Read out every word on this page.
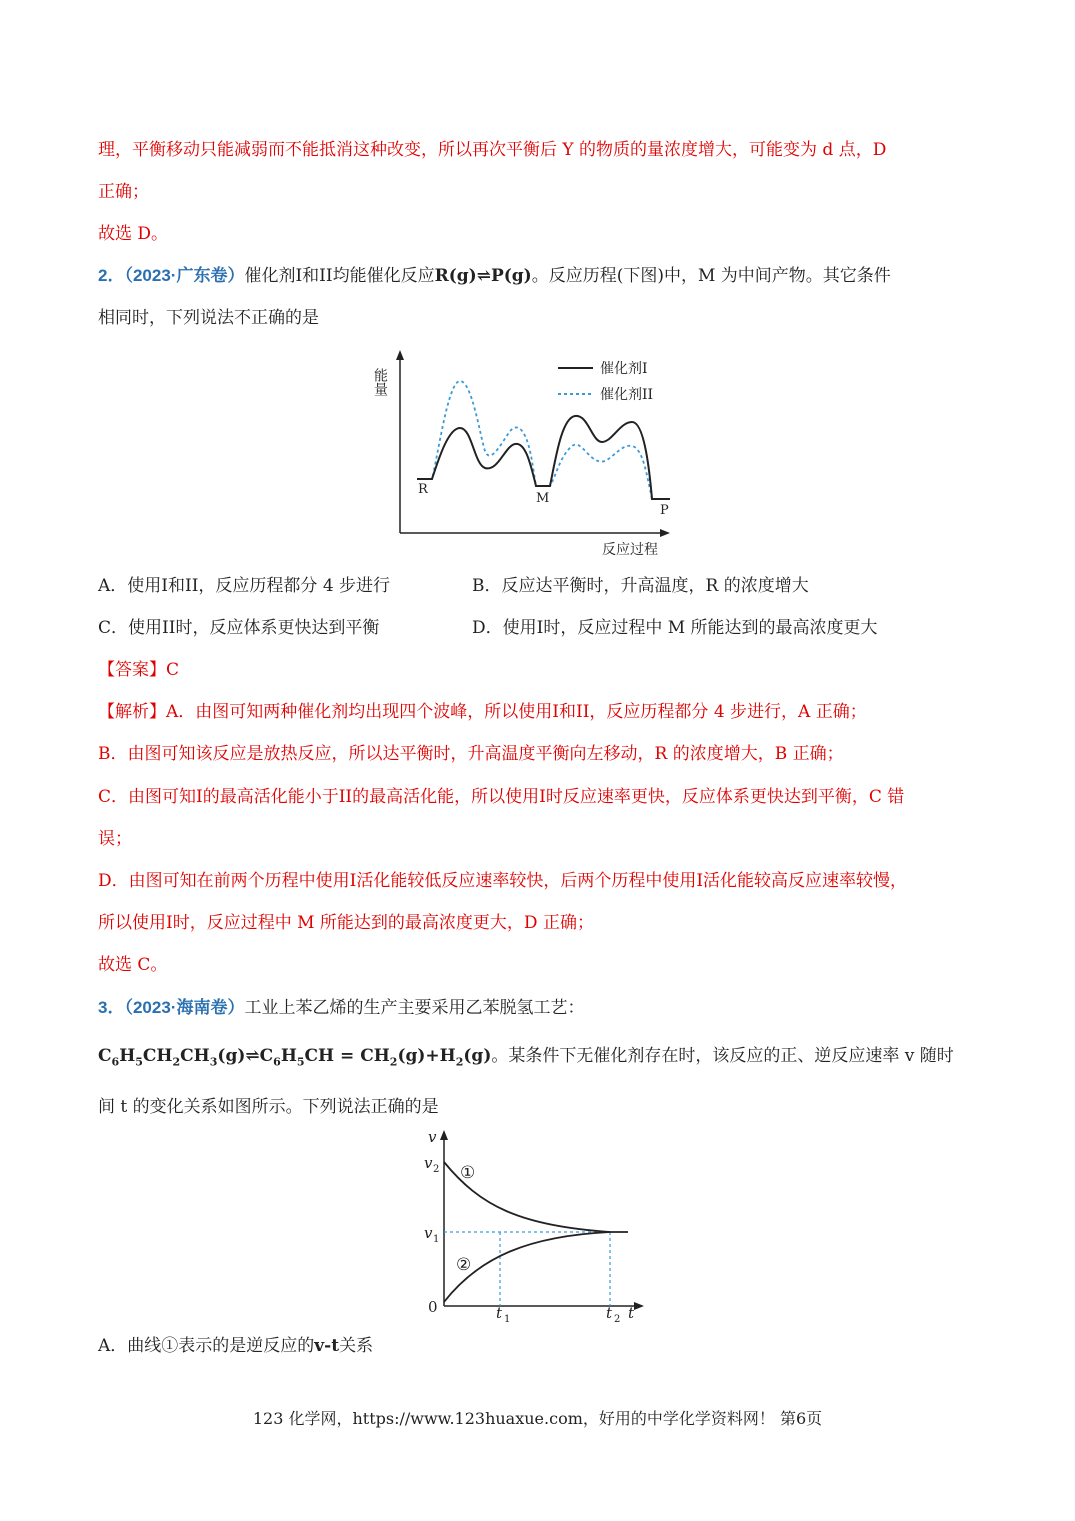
理，平衡移动只能减弱而不能抵消这种改变，所以再次平衡后 Y 的物质的量浓度增大，可能变为 d 点，D
正确；
故选 D。
2．（2023·广东卷）催化剂I和II均能催化反应R(g)⇌P(g)。反应历程(下图)中，M 为中间产物。其它条件
相同时，下列说法不正确的是
能量	催化剂I
催化剂II
R
M
P
反应过程
A．使用I和II，反应历程都分 4 步进行	B．反应达平衡时，升高温度，R 的浓度增大
C．使用II时，反应体系更快达到平衡	D．使用I时，反应过程中 M 所能达到的最高浓度更大
【答案】C
【解析】A．由图可知两种催化剂均出现四个波峰，所以使用I和II，反应历程都分 4 步进行，A 正确；
B．由图可知该反应是放热反应，所以达平衡时，升高温度平衡向左移动，R 的浓度增大，B 正确；
C．由图可知I的最高活化能小于II的最高活化能，所以使用I时反应速率更快，反应体系更快达到平衡，C 错
误；
D．由图可知在前两个历程中使用I活化能较低反应速率较快，后两个历程中使用I活化能较高反应速率较慢，
所以使用I时，反应过程中 M 所能达到的最高浓度更大，D 正确；
故选 C。
3．（2023·海南卷）工业上苯乙烯的生产主要采用乙苯脱氢工艺：
$C_6H_5CH_2CH_3(g)\rightleftharpoons C_6H_5CH = CH_2(g)+H_2(g)$。某条件下无催化剂存在时，该反应的正、逆反应速率 v 随时
间 t 的变化关系如图所示。下列说法正确的是
v
v 2
v 1
0	t 1	t 2 t
①
②
A．曲线①表示的是逆反应的v-t关系
123 化学网，https://www.123huaxue.com，好用的中学化学资料网！ 第6页
